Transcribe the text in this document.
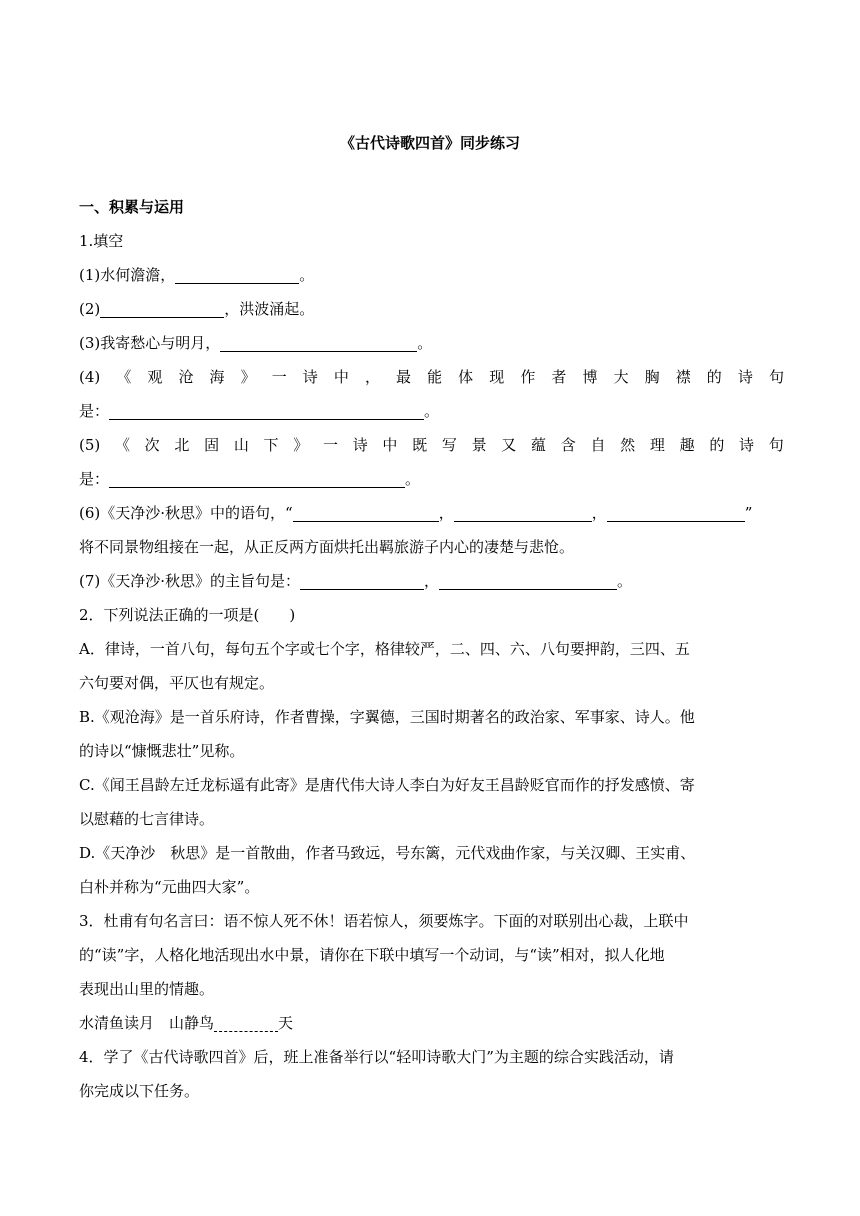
《古代诗歌四首》同步练习
一、积累与运用
1.填空
(1)水何澹澹，	。
(2)	，洪波涌起。
(3)我寄愁心与明月，	。
(4) 《 观 沧 海 》 一 诗 中 ， 最 能 体 现 作 者 博 大 胸 襟 的 诗 句
是：	。
(5) 《 次 北 固 山 下 》 一 诗 中 既 写 景 又 蕴 含 自 然 理 趣 的 诗 句
是：	。
(6)《天净沙·秋思》中的语句，“	，	，	”
将不同景物组接在一起，从正反两方面烘托出羁旅游子内心的凄楚与悲怆。
(7)《天净沙·秋思》的主旨句是：	，	。
2．下列说法正确的一项是(　　)
A．律诗，一首八句，每句五个字或七个字，格律较严，二、四、六、八句要押韵，三四、五
六句要对偶，平仄也有规定。
B.《观沧海》是一首乐府诗，作者曹操，字翼德，三国时期著名的政治家、军事家、诗人。他
的诗以“慷慨悲壮”见称。
C.《闻王昌龄左迁龙标遥有此寄》是唐代伟大诗人李白为好友王昌龄贬官而作的抒发感愤、寄
以慰藉的七言律诗。
D.《天净沙　秋思》是一首散曲，作者马致远，号东篱，元代戏曲作家，与关汉卿、王实甫、
白朴并称为“元曲四大家”。
3．杜甫有句名言曰：语不惊人死不休！语若惊人，须要炼字。下面的对联别出心裁，上联中
的“读”字，人格化地活现出水中景，请你在下联中填写一个动词，与“读”相对，拟人化地
表现出山里的情趣。
水清鱼读月　山静鸟	天
4．学了《古代诗歌四首》后，班上准备举行以“轻叩诗歌大门”为主题的综合实践活动，请
你完成以下任务。
